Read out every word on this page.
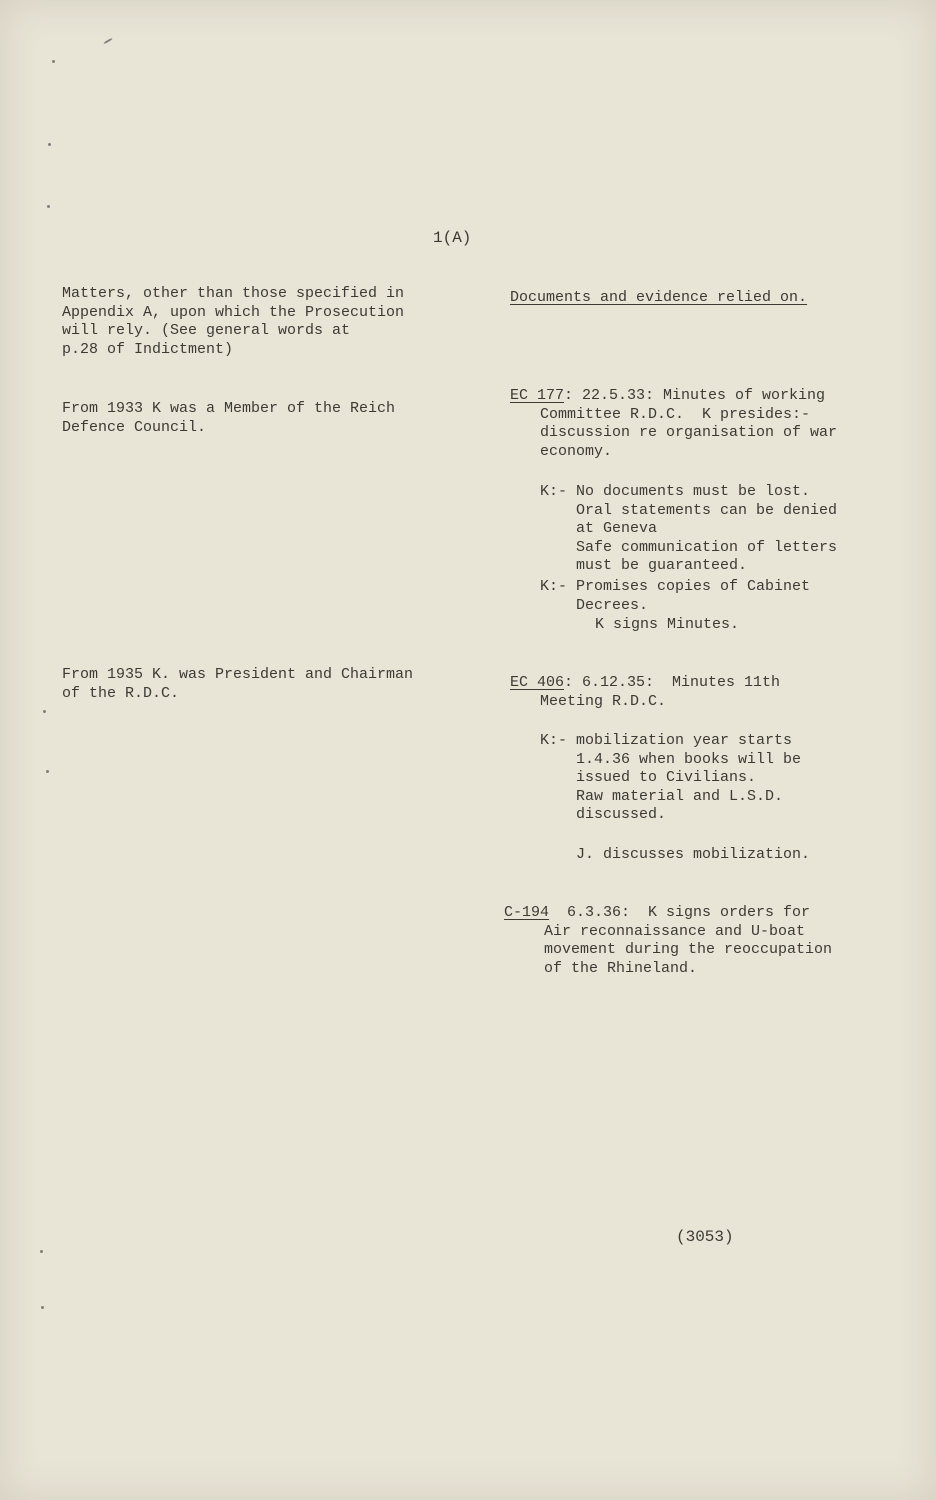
1(A)
Matters, other than those specified in
Appendix A, upon which the Prosecution
will rely. (See general words at
p.28 of Indictment)
From 1933 K was a Member of the Reich
Defence Council.
From 1935 K. was President and Chairman
of the R.D.C.
Documents and evidence relied on.
EC 177: 22.5.33: Minutes of working
Committee R.D.C.  K presides:-
discussion re organisation of war
economy.
K:- No documents must be lost.
Oral statements can be denied
at Geneva
Safe communication of letters
must be guaranteed.
K:- Promises copies of Cabinet
Decrees.
K signs Minutes.
EC 406: 6.12.35:  Minutes 11th
Meeting R.D.C.
K:- mobilization year starts
1.4.36 when books will be
issued to Civilians.
Raw material and L.S.D.
discussed.
J. discusses mobilization.
C-194  6.3.36:  K signs orders for
Air reconnaissance and U-boat
movement during the reoccupation
of the Rhineland.
(3053)
